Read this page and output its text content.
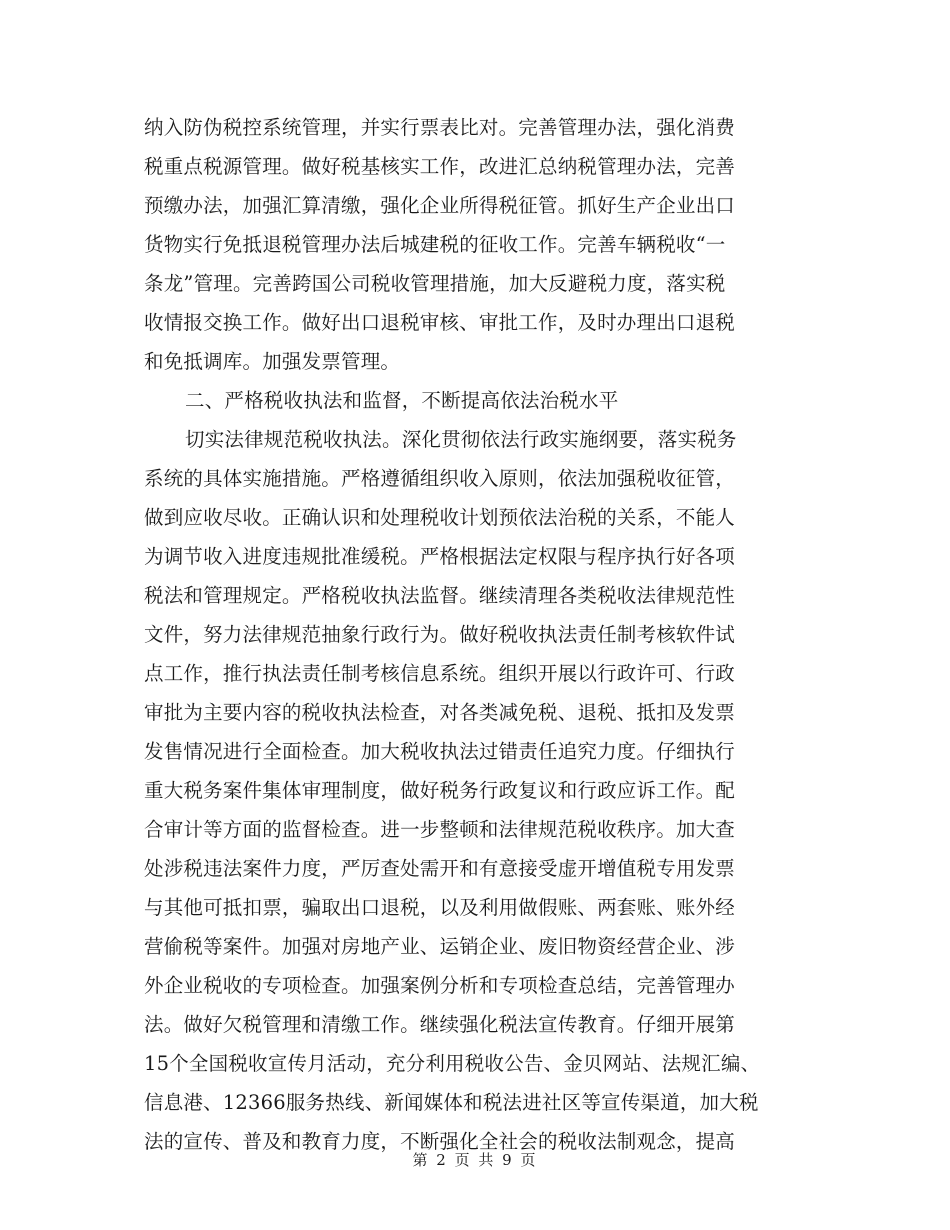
纳入防伪税控系统管理，并实行票表比对。完善管理办法，强化消费
税重点税源管理。做好税基核实工作，改进汇总纳税管理办法，完善
预缴办法，加强汇算清缴，强化企业所得税征管。抓好生产企业出口
货物实行免抵退税管理办法后城建税的征收工作。完善车辆税收“一
条龙”管理。完善跨国公司税收管理措施，加大反避税力度，落实税
收情报交换工作。做好出口退税审核、审批工作，及时办理出口退税
和免抵调库。加强发票管理。
二、严格税收执法和监督，不断提高依法治税水平
切实法律规范税收执法。深化贯彻依法行政实施纲要，落实税务
系统的具体实施措施。严格遵循组织收入原则，依法加强税收征管，
做到应收尽收。正确认识和处理税收计划预依法治税的关系，不能人
为调节收入进度违规批准缓税。严格根据法定权限与程序执行好各项
税法和管理规定。严格税收执法监督。继续清理各类税收法律规范性
文件，努力法律规范抽象行政行为。做好税收执法责任制考核软件试
点工作，推行执法责任制考核信息系统。组织开展以行政许可、行政
审批为主要内容的税收执法检查，对各类减免税、退税、抵扣及发票
发售情况进行全面检查。加大税收执法过错责任追究力度。仔细执行
重大税务案件集体审理制度，做好税务行政复议和行政应诉工作。配
合审计等方面的监督检查。进一步整顿和法律规范税收秩序。加大查
处涉税违法案件力度，严厉查处需开和有意接受虚开增值税专用发票
与其他可抵扣票，骗取出口退税，以及利用做假账、两套账、账外经
营偷税等案件。加强对房地产业、运销企业、废旧物资经营企业、涉
外企业税收的专项检查。加强案例分析和专项检查总结，完善管理办
法。做好欠税管理和清缴工作。继续强化税法宣传教育。仔细开展第
15个全国税收宣传月活动，充分利用税收公告、金贝网站、法规汇编、
信息港、12366服务热线、新闻媒体和税法进社区等宣传渠道，加大税
法的宣传、普及和教育力度，不断强化全社会的税收法制观念，提高
第 2 页 共 9 页
